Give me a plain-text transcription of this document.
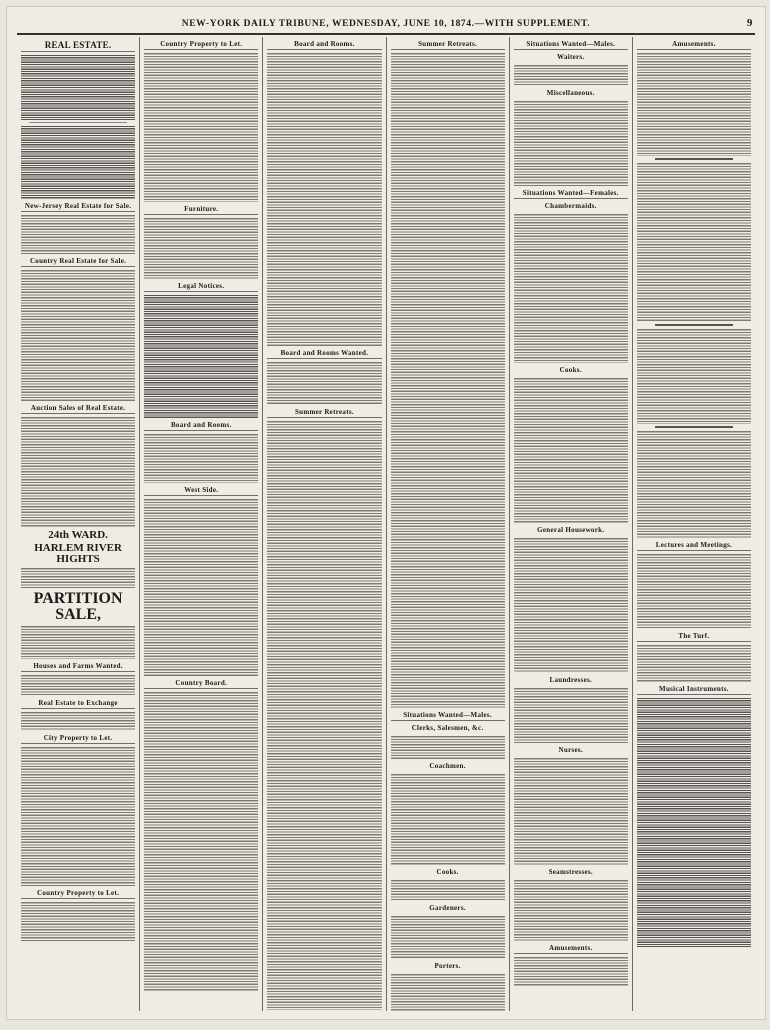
NEW-YORK DAILY TRIBUNE, WEDNESDAY, JUNE 10, 1874.—WITH SUPPLEMENT.	9
REAL ESTATE.
New-Jersey Real Estate for Sale.
Country Real Estate for Sale.
Auction Sales of Real Estate.
24th WARD.
HARLEM RIVER HIGHTS
PARTITION SALE,
Houses and Farms Wanted.
Real Estate to Exchange
City Property to Let.
Country Property to Let.
Country Property to Let.
Furniture.
Legal Notices.
Board and Rooms.
West Side.
Country Board.
Board and Rooms.
Board and Rooms Wanted.
Summer Retreats.
Summer Retreats.
Situations Wanted—Males.
Clerks, Salesmen, &c.
Coachmen.
Cooks.
Gardeners.
Porters.
Situations Wanted—Males.
Waiters.
Miscellaneous.
Situations Wanted—Females.
Chambermaids.
Cooks.
General Housework.
Laundresses.
Nurses.
Seamstresses.
Amusements.
Amusements.
Lectures and Meetings.
The Turf.
Musical Instruments.
